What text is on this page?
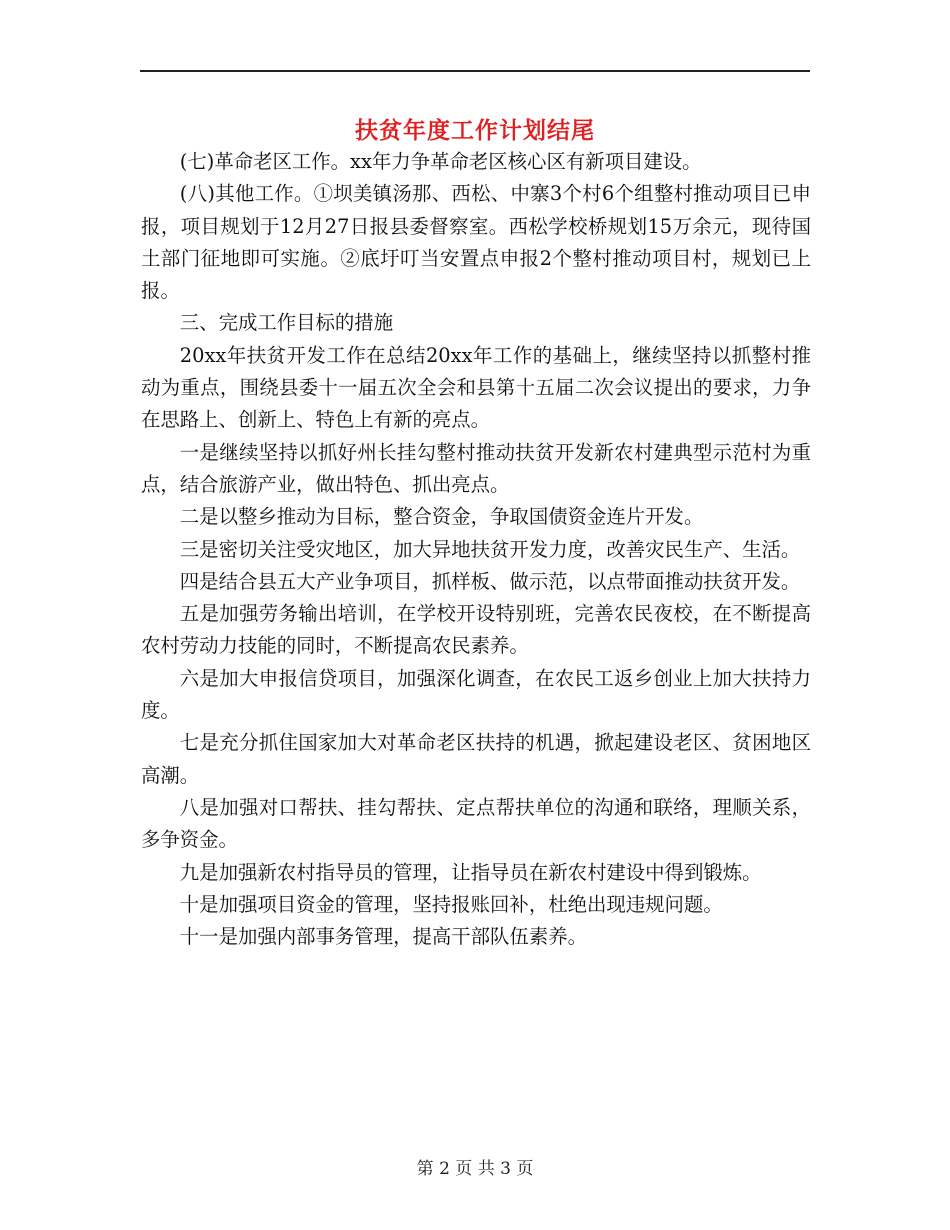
扶贫年度工作计划结尾

(七)革命老区工作。xx年力争革命老区核心区有新项目建设。

(八)其他工作。①坝美镇汤那、西松、中寨3个村6个组整村推动项目已申报，项目规划于12月27日报县委督察室。西松学校桥规划15万余元，现待国土部门征地即可实施。②底圩叮当安置点申报2个整村推动项目村，规划已上报。

三、完成工作目标的措施

20xx年扶贫开发工作在总结20xx年工作的基础上，继续坚持以抓整村推动为重点，围绕县委十一届五次全会和县第十五届二次会议提出的要求，力争在思路上、创新上、特色上有新的亮点。

一是继续坚持以抓好州长挂勾整村推动扶贫开发新农村建典型示范村为重点，结合旅游产业，做出特色、抓出亮点。

二是以整乡推动为目标，整合资金，争取国债资金连片开发。

三是密切关注受灾地区，加大异地扶贫开发力度，改善灾民生产、生活。

四是结合县五大产业争项目，抓样板、做示范，以点带面推动扶贫开发。

五是加强劳务输出培训，在学校开设特别班，完善农民夜校，在不断提高农村劳动力技能的同时，不断提高农民素养。

六是加大申报信贷项目，加强深化调查，在农民工返乡创业上加大扶持力度。

七是充分抓住国家加大对革命老区扶持的机遇，掀起建设老区、贫困地区高潮。

八是加强对口帮扶、挂勾帮扶、定点帮扶单位的沟通和联络，理顺关系，多争资金。

九是加强新农村指导员的管理，让指导员在新农村建设中得到锻炼。

十是加强项目资金的管理，坚持报账回补，杜绝出现违规问题。

十一是加强内部事务管理，提高干部队伍素养。

第 2 页 共 3 页
